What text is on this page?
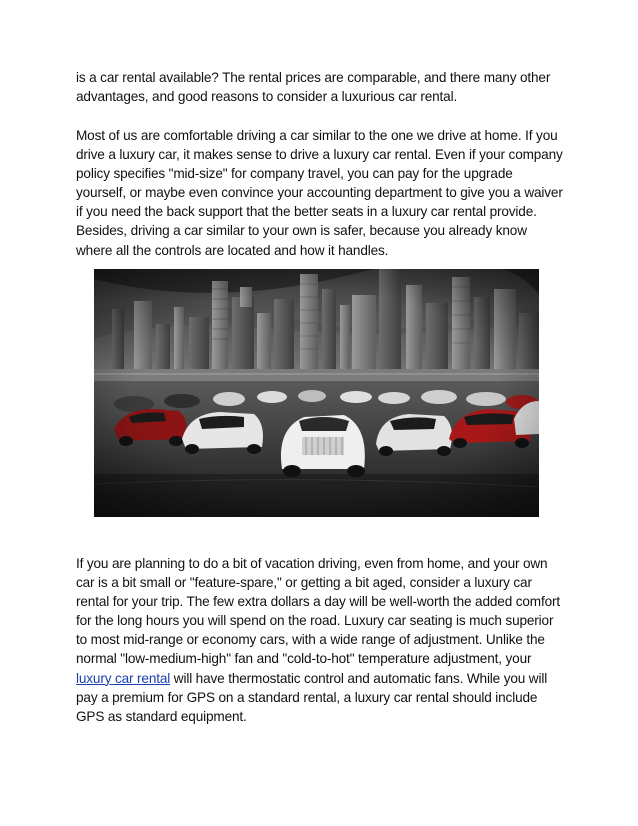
is a car rental available? The rental prices are comparable, and there many other advantages, and good reasons to consider a luxurious car rental.

Most of us are comfortable driving a car similar to the one we drive at home. If you drive a luxury car, it makes sense to drive a luxury car rental. Even if your company policy specifies "mid-size" for company travel, you can pay for the upgrade yourself, or maybe even convince your accounting department to give you a waiver if you need the back support that the better seats in a luxury car rental provide. Besides, driving a car similar to your own is safer, because you already know where all the controls are located and how it handles.

If you are planning to do a bit of vacation driving, even from home, and your own car is a bit small or "feature-spare," or getting a bit aged, consider a luxury car rental for your trip. The few extra dollars a day will be well-worth the added comfort for the long hours you will spend on the road. Luxury car seating is much superior to most mid-range or economy cars, with a wide range of adjustment. Unlike the normal "low-medium-high" fan and "cold-to-hot" temperature adjustment, your luxury car rental will have thermostatic control and automatic fans. While you will pay a premium for GPS on a standard rental, a luxury car rental should include GPS as standard equipment.
